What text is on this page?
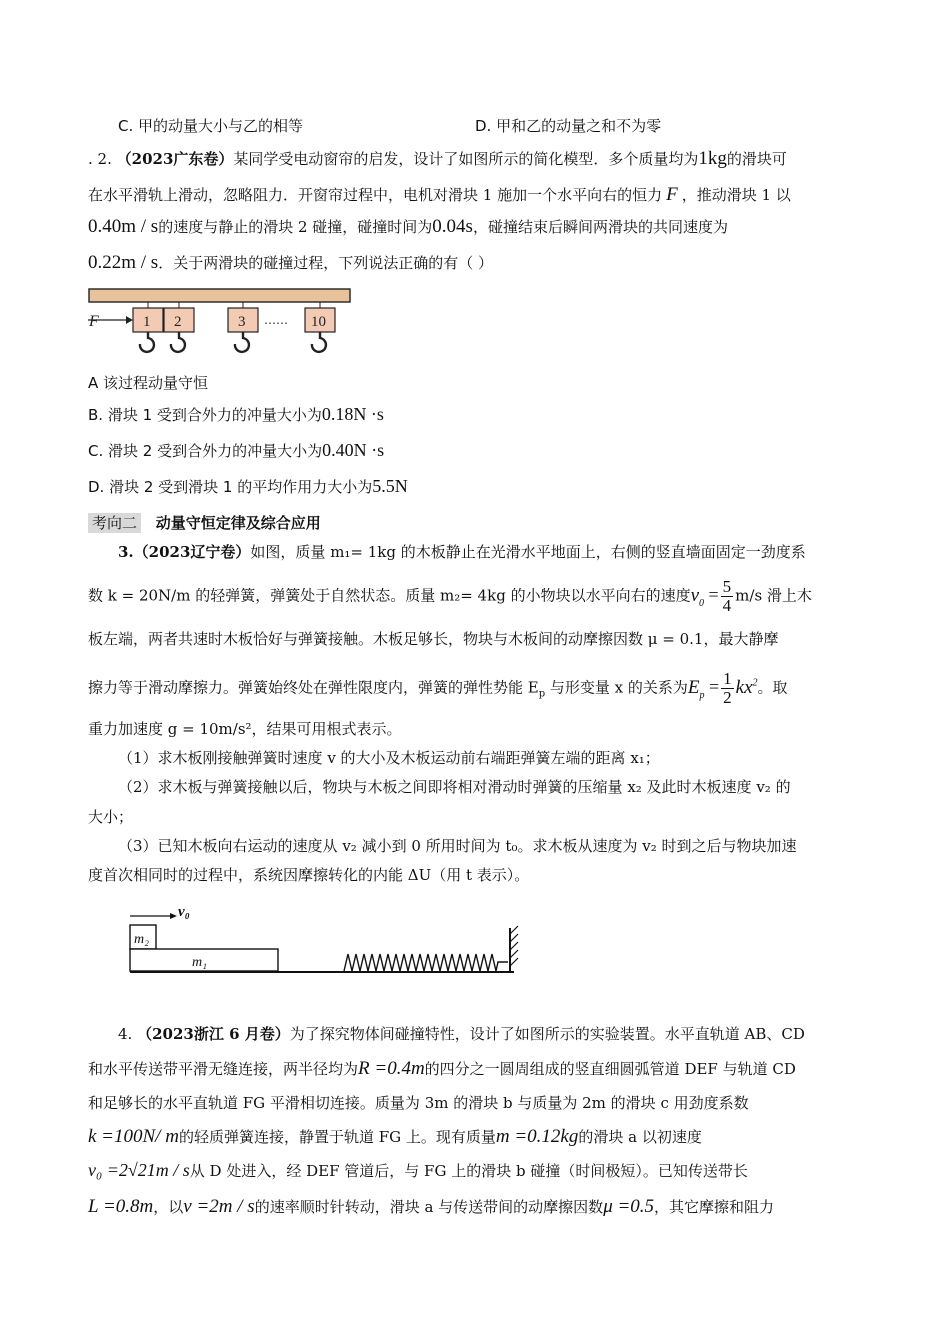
C. 甲的动量大小与乙的相等	D. 甲和乙的动量之和不为零
. 2. （2023广东卷）某同学受电动窗帘的启发，设计了如图所示的简化模型．多个质量均为1kg的滑块可
在水平滑轨上滑动，忽略阻力．开窗帘过程中，电机对滑块 1 施加一个水平向右的恒力 F ，推动滑块 1 以
0.40m / s的速度与静止的滑块 2 碰撞，碰撞时间为0.04s，碰撞结束后瞬间两滑块的共同速度为
0.22m / s．关于两滑块的碰撞过程，下列说法正确的有（ ）
F	1 2	3 …… 10
A 该过程动量守恒
B. 滑块 1 受到合外力的冲量大小为0.18N ·s
C. 滑块 2 受到合外力的冲量大小为0.40N ·s
D. 滑块 2 受到滑块 1 的平均作用力大小为5.5N
考向二 动量守恒定律及综合应用
3.（2023辽宁卷）如图，质量 m₁= 1kg 的木板静止在光滑水平地面上，右侧的竖直墙面固定一劲度系
数 k = 20N/m 的轻弹簧，弹簧处于自然状态。质量 m₂= 4kg 的小物块以水平向右的速度$v_0 = \frac{5}{4} m/s$ 滑上木
板左端，两者共速时木板恰好与弹簧接触。木板足够长，物块与木板间的动摩擦因数 μ = 0.1，最大静摩
擦力等于滑动摩擦力。弹簧始终处在弹性限度内，弹簧的弹性势能 $E_p$ 与形变量 x 的关系为$E_p = \frac{1}{2} kx^2$。取
重力加速度 g = 10m/s²，结果可用根式表示。
（1）求木板刚接触弹簧时速度 v 的大小及木板运动前右端距弹簧左端的距离 x₁；
（2）求木板与弹簧接触以后，物块与木板之间即将相对滑动时弹簧的压缩量 x₂ 及此时木板速度 v₂ 的
大小；
（3）已知木板向右运动的速度从 v₂ 减小到 0 所用时间为 t₀。求木板从速度为 v₂ 时到之后与物块加速
度首次相同时的过程中，系统因摩擦转化的内能 ΔU（用 t 表示）。
v₀
m₂
m₁
4. （2023浙江 6 月卷）为了探究物体间碰撞特性，设计了如图所示的实验装置。水平直轨道 AB、CD
和水平传送带平滑无缝连接，两半径均为R =0.4m的四分之一圆周组成的竖直细圆弧管道 DEF 与轨道 CD
和足够长的水平直轨道 FG 平滑相切连接。质量为 3m 的滑块 b 与质量为 2m 的滑块 c 用劲度系数
k =100N/ m的轻质弹簧连接，静置于轨道 FG 上。现有质量m =0.12kg的滑块 a 以初速度
v₀ =2√21m / s从 D 处进入，经 DEF 管道后，与 FG 上的滑块 b 碰撞（时间极短）。已知传送带长
L =0.8m，以v =2m / s的速率顺时针转动，滑块 a 与传送带间的动摩擦因数μ =0.5，其它摩擦和阻力
